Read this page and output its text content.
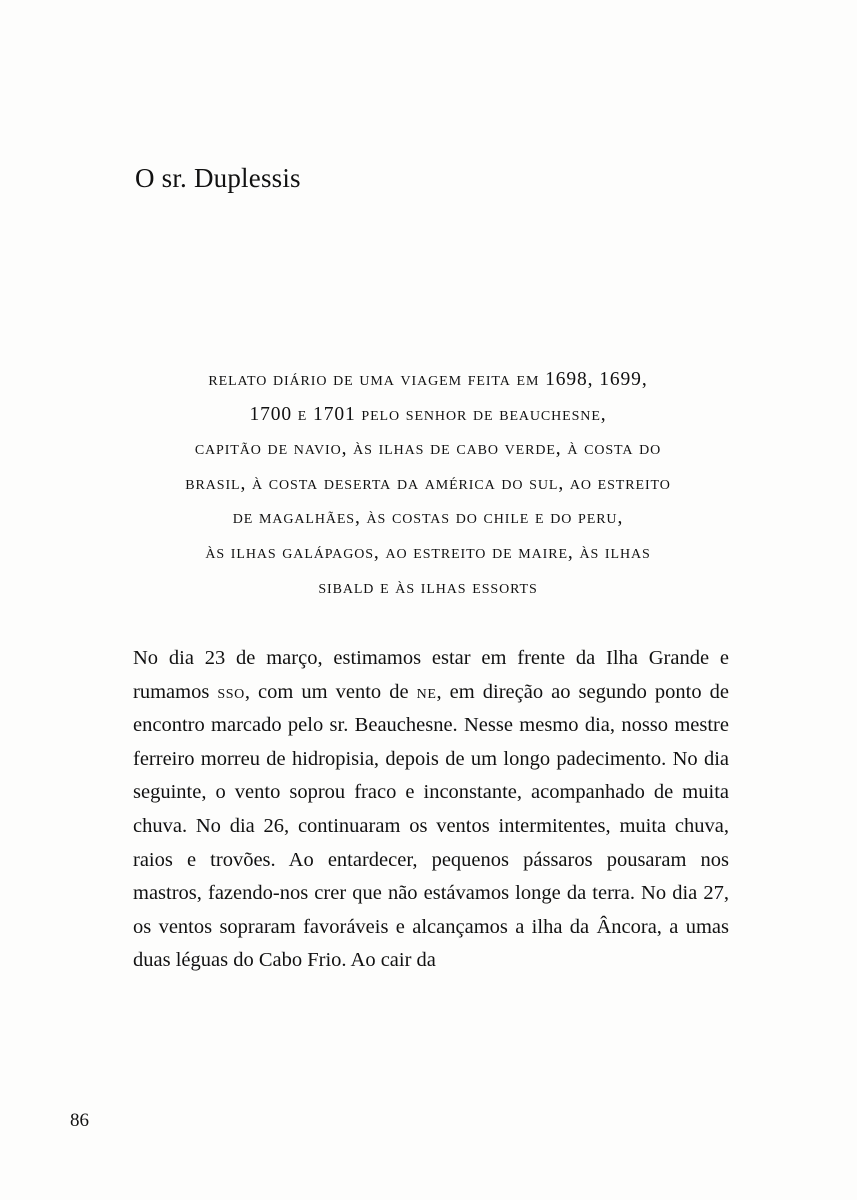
O sr. Duplessis
relato diário de uma viagem feita em 1698, 1699,
1700 e 1701 pelo senhor de beauchesne,
capitão de navio, às ilhas de cabo verde, à costa do
brasil, à costa deserta da américa do sul, ao estreito
de magalhães, às costas do chile e do peru,
às ilhas galápagos, ao estreito de maire, às ilhas
sibald e às ilhas essorts

No dia 23 de março, estimamos estar em frente da Ilha Grande e rumamos sso, com um vento de ne, em direção ao segundo ponto de encontro marcado pelo sr. Beauchesne. Nesse mesmo dia, nosso mestre ferreiro morreu de hidropisia, depois de um longo padecimento. No dia seguinte, o vento soprou fraco e inconstante, acompanhado de muita chuva. No dia 26, continuaram os ventos intermitentes, muita chuva, raios e trovões. Ao entardecer, pequenos pássaros pousaram nos mastros, fazendo-nos crer que não estávamos longe da terra. No dia 27, os ventos sopraram favoráveis e alcançamos a ilha da Âncora, a umas duas léguas do Cabo Frio. Ao cair da

86
